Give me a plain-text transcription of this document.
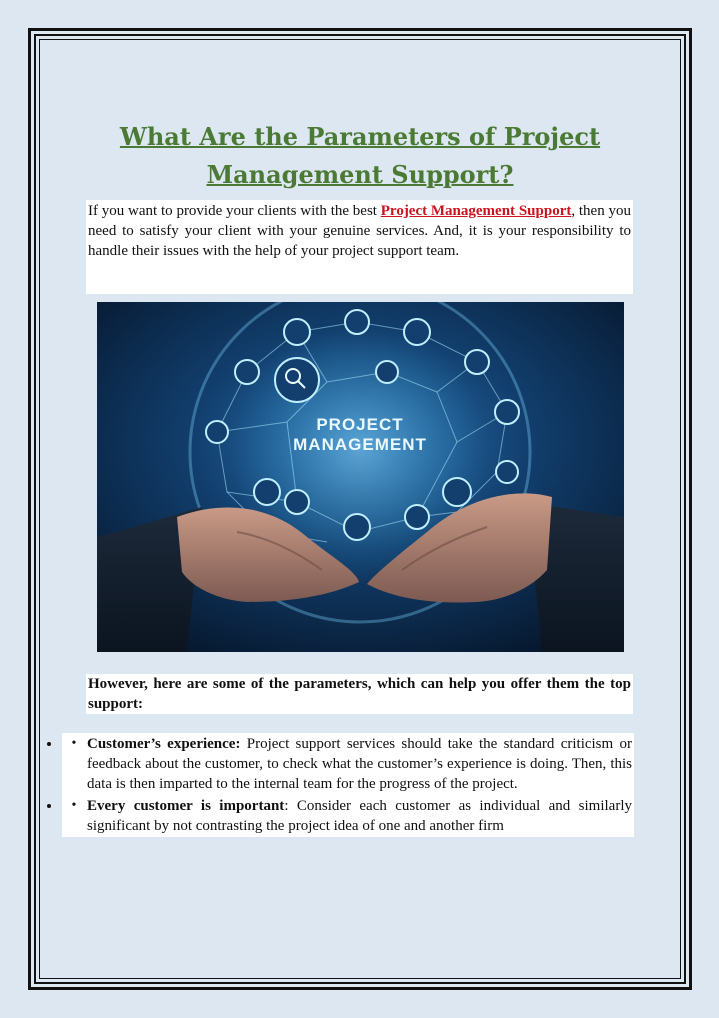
What Are the Parameters of Project Management Support?

If you want to provide your clients with the best Project Management Support, then you need to satisfy your client with your genuine services. And, it is your responsibility to handle their issues with the help of your project support team.

PROJECT
MANAGEMENT

However, here are some of the parameters, which can help you offer them the top support:

• • Customer’s experience: Project support services should take the standard criticism or feedback about the customer, to check what the customer’s experience is doing. Then, this data is then imparted to the internal team for the progress of the project.
• • Every customer is important: Consider each customer as individual and similarly significant by not contrasting the project idea of one and another firm
